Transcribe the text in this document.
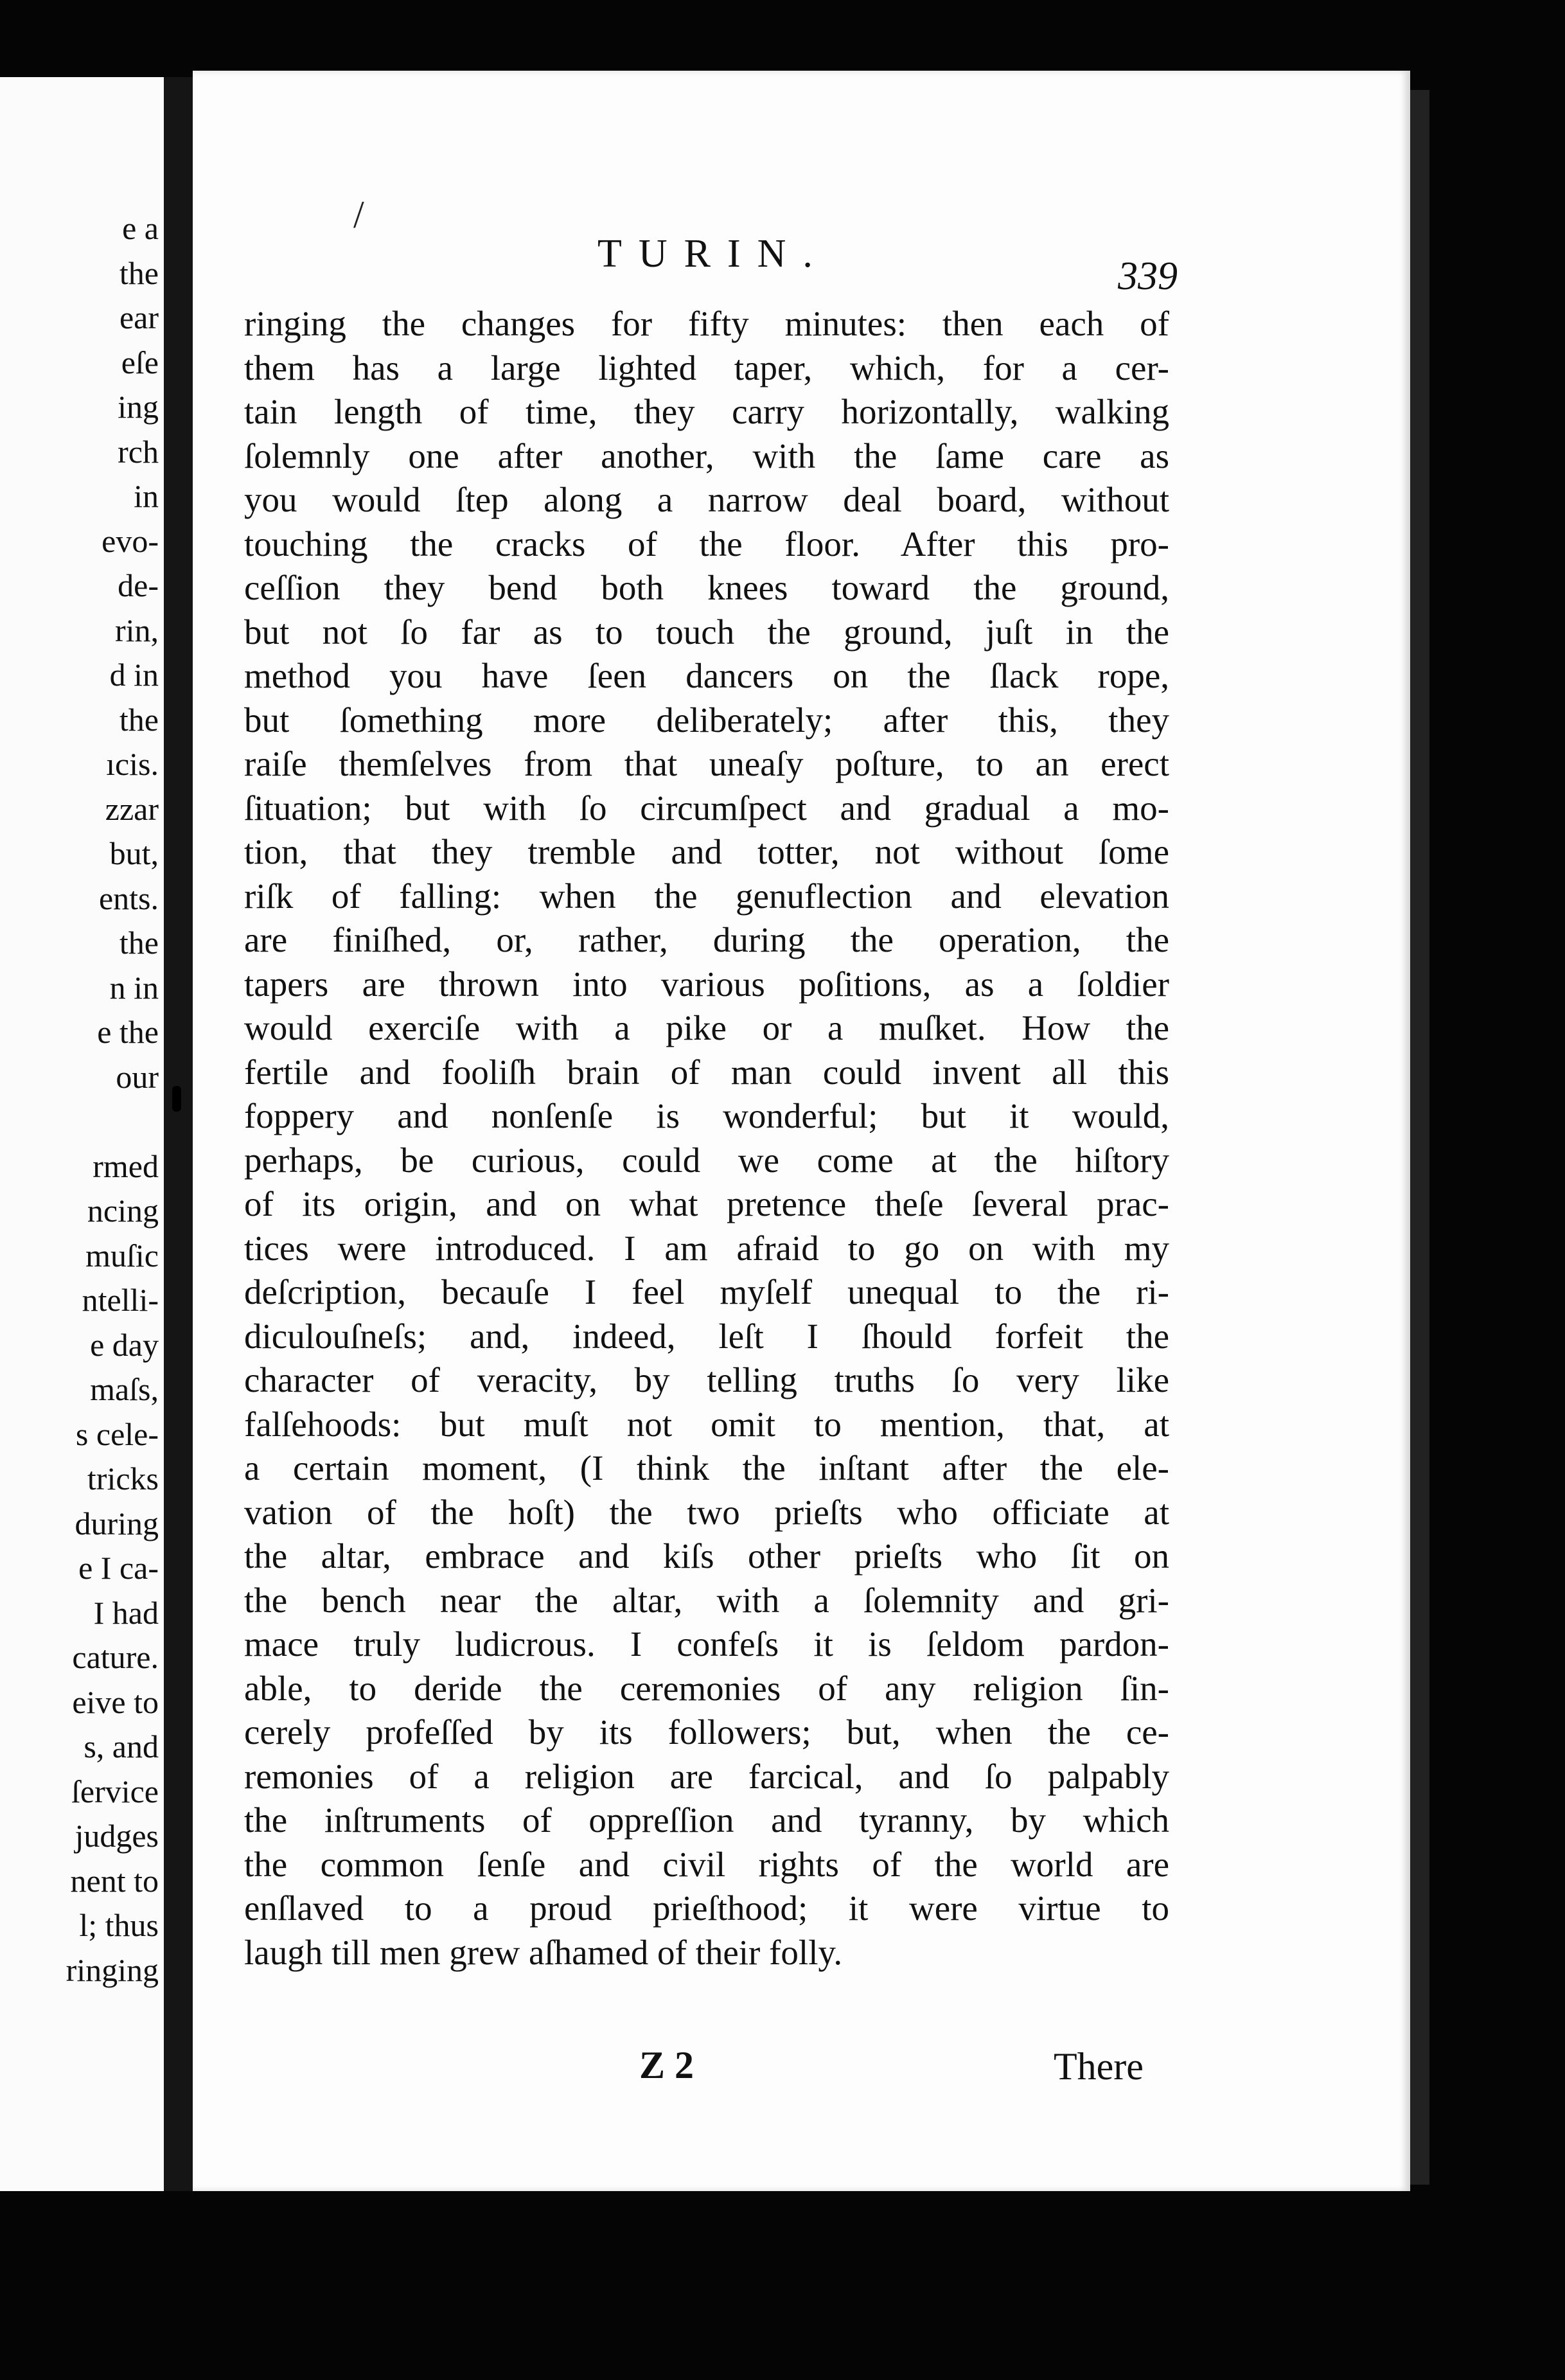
e a
the
ear
eſe
ing
rch
in
evo-
de-
rin,
d in
the
ıcis.
zzar
but,
ents.
the
n in
e the
our
rmed
ncing
muſic
ntelli-
e day
maſs,
s cele-
tricks
during
e I ca-
I had
cature.
eive to
s, and
ſervice
judges
nent to
l; thus
ringing
/
TURIN.
339
ringing the changes for fifty minutes: then each of
them has a large lighted taper, which, for a cer-
tain length of time, they carry horizontally, walking
ſolemnly one after another, with the ſame care as
you would ſtep along a narrow deal board, without
touching the cracks of the floor. After this pro-
ceſſion they bend both knees toward the ground,
but not ſo far as to touch the ground, juſt in the
method you have ſeen dancers on the ſlack rope,
but ſomething more deliberately; after this, they
raiſe themſelves from that uneaſy poſture, to an erect
ſituation; but with ſo circumſpect and gradual a mo-
tion, that they tremble and totter, not without ſome
riſk of falling: when the genuflection and elevation
are finiſhed, or, rather, during the operation, the
tapers are thrown into various poſitions, as a ſoldier
would exerciſe with a pike or a muſket. How the
fertile and fooliſh brain of man could invent all this
foppery and nonſenſe is wonderful; but it would,
perhaps, be curious, could we come at the hiſtory
of its origin, and on what pretence theſe ſeveral prac-
tices were introduced. I am afraid to go on with my
deſcription, becauſe I feel myſelf unequal to the ri-
diculouſneſs; and, indeed, leſt I ſhould forfeit the
character of veracity, by telling truths ſo very like
falſehoods: but muſt not omit to mention, that, at
a certain moment, (I think the inſtant after the ele-
vation of the hoſt) the two prieſts who officiate at
the altar, embrace and kiſs other prieſts who ſit on
the bench near the altar, with a ſolemnity and gri-
mace truly ludicrous. I confeſs it is ſeldom pardon-
able, to deride the ceremonies of any religion ſin-
cerely profeſſed by its followers; but, when the ce-
remonies of a religion are farcical, and ſo palpably
the inſtruments of oppreſſion and tyranny, by which
the common ſenſe and civil rights of the world are
enſlaved to a proud prieſthood; it were virtue to
laugh till men grew aſhamed of their folly.
Z 2	There
